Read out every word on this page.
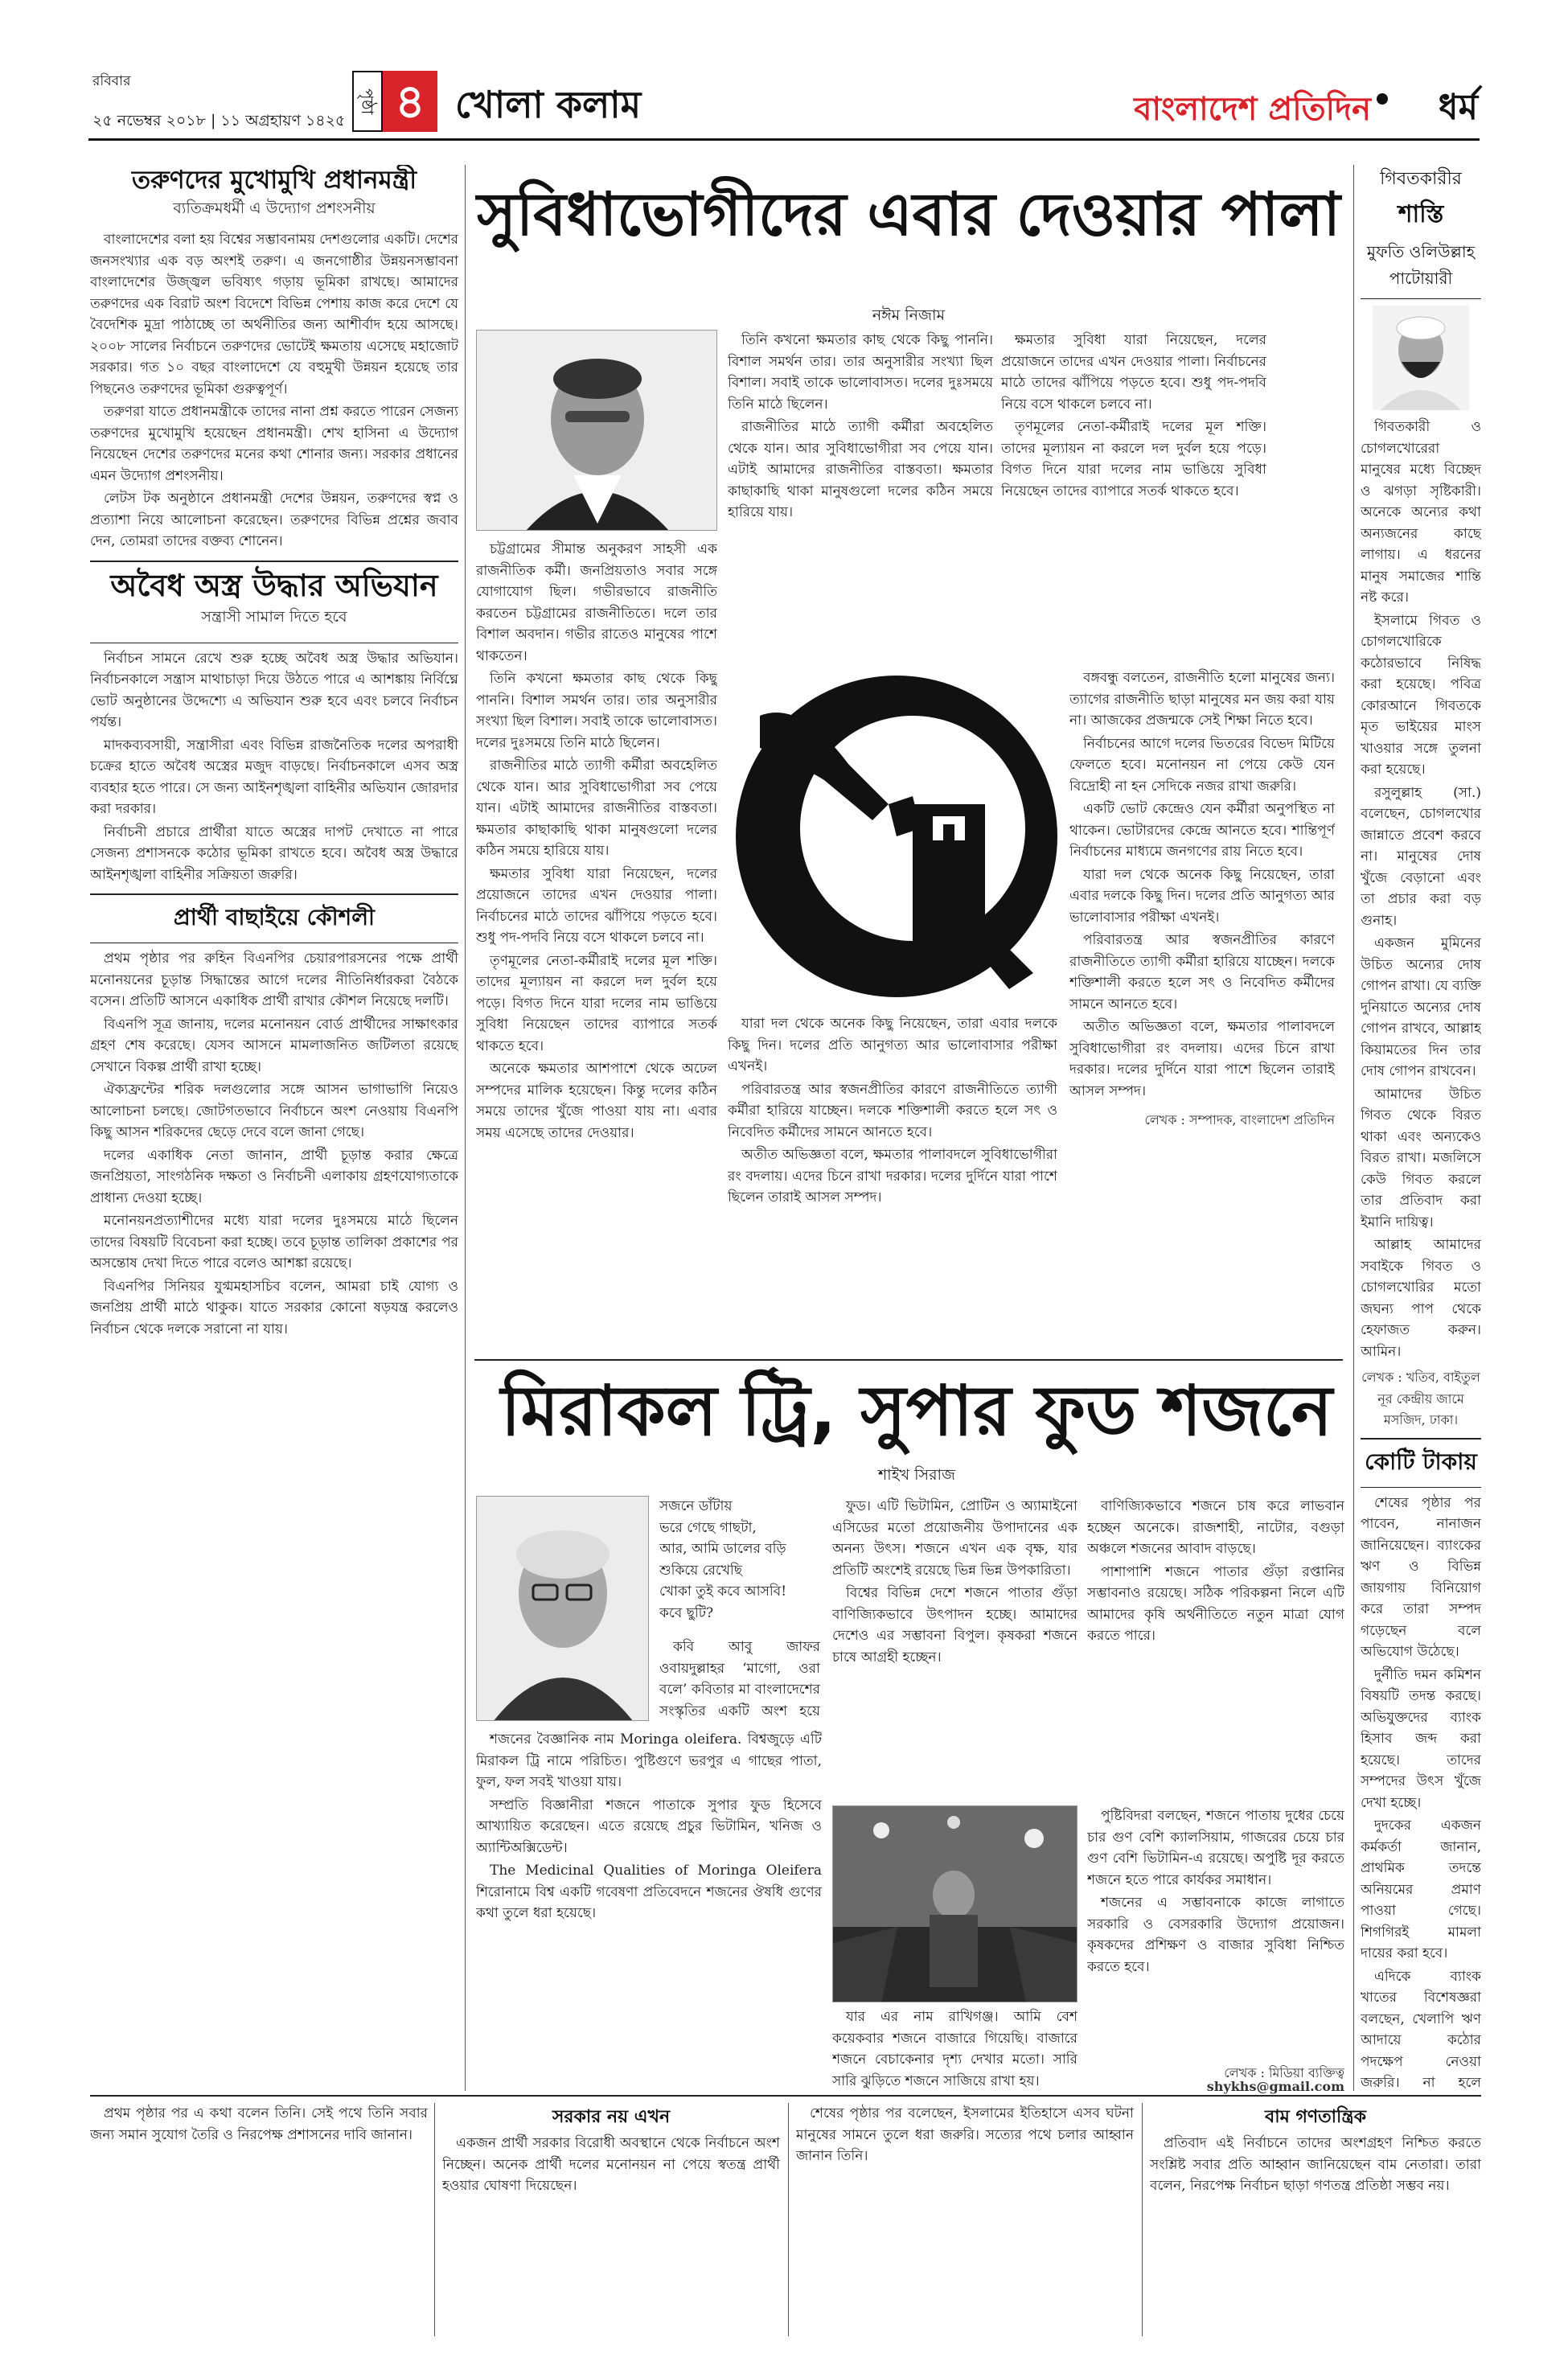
রবিবার
২৫ নভেম্বর ২০১৮ | ১১ অগ্রহায়ণ ১৪২৫
পৃষ্ঠা ৪ খোলা কলাম	বাংলাদেশ প্রতিদিন ধর্ম
তরুণদের মুখোমুখি প্রধানমন্ত্রী
ব্যতিক্রমধর্মী এ উদ্যোগ প্রশংসনীয়

বাংলাদেশের বলা হয় বিশ্বের সম্ভাবনাময় দেশগুলোর একটি। দেশের জনসংখ্যার এক বড় অংশই তরুণ। এ জনগোষ্ঠীর উন্নয়নসম্ভাবনা বাংলাদেশের উজ্জ্বল ভবিষ্যৎ গড়ায় ভূমিকা রাখছে। আমাদের তরুণদের এক বিরাট অংশ বিদেশে বিভিন্ন পেশায় কাজ করে দেশে যে বৈদেশিক মুদ্রা পাঠাচ্ছে তা অর্থনীতির জন্য আশীর্বাদ হয়ে আসছে। ২০০৮ সালের নির্বাচনে তরুণদের ভোটেই ক্ষমতায় এসেছে মহাজোট সরকার। গত ১০ বছর বাংলাদেশে যে বহুমুখী উন্নয়ন হয়েছে তার পিছনেও তরুণদের ভূমিকা গুরুত্বপূর্ণ।

তরুণরা যাতে প্রধানমন্ত্রীকে তাদের নানা প্রশ্ন করতে পারেন সেজন্য তরুণদের মুখোমুখি হয়েছেন প্রধানমন্ত্রী। শেখ হাসিনা এ উদ্যোগ নিয়েছেন দেশের তরুণদের মনের কথা শোনার জন্য। সরকার প্রধানের এমন উদ্যোগ প্রশংসনীয়।

লেটস টক অনুষ্ঠানে প্রধানমন্ত্রী দেশের উন্নয়ন, তরুণদের স্বপ্ন ও প্রত্যাশা নিয়ে আলোচনা করেছেন। তরুণদের বিভিন্ন প্রশ্নের জবাব দেন, তোমরা তাদের বক্তব্য শোনেন।

অবৈধ অস্ত্র উদ্ধার অভিযান
সন্ত্রাসী সামাল দিতে হবে

নির্বাচন সামনে রেখে শুরু হচ্ছে অবৈধ অস্ত্র উদ্ধার অভিযান। নির্বাচনকালে সন্ত্রাস মাথাচাড়া দিয়ে উঠতে পারে এ আশঙ্কায় নির্বিঘ্নে ভোট অনুষ্ঠানের উদ্দেশ্যে এ অভিযান শুরু হবে এবং চলবে নির্বাচন পর্যন্ত।

মাদকব্যবসায়ী, সন্ত্রাসীরা এবং বিভিন্ন রাজনৈতিক দলের অপরাধী চক্রের হাতে অবৈধ অস্ত্রের মজুদ বাড়ছে। নির্বাচনকালে এসব অস্ত্র ব্যবহার হতে পারে। সে জন্য আইনশৃঙ্খলা বাহিনীর অভিযান জোরদার করা দরকার।

নির্বাচনী প্রচারে প্রার্থীরা যাতে অস্ত্রের দাপট দেখাতে না পারে সেজন্য প্রশাসনকে কঠোর ভূমিকা রাখতে হবে। অবৈধ অস্ত্র উদ্ধারে আইনশৃঙ্খলা বাহিনীর সক্রিয়তা জরুরি।

প্রার্থী বাছাইয়ে কৌশলী

প্রথম পৃষ্ঠার পর রুহিন বিএনপির চেয়ারপারসনের পক্ষে প্রার্থী মনোনয়নের চূড়ান্ত সিদ্ধান্তের আগে দলের নীতিনির্ধারকরা বৈঠকে বসেন। প্রতিটি আসনে একাধিক প্রার্থী রাখার কৌশল নিয়েছে দলটি।

বিএনপি সূত্র জানায়, দলের মনোনয়ন বোর্ড প্রার্থীদের সাক্ষাৎকার গ্রহণ শেষ করেছে। যেসব আসনে মামলাজনিত জটিলতা রয়েছে সেখানে বিকল্প প্রার্থী রাখা হচ্ছে।

ঐক্যফ্রন্টের শরিক দলগুলোর সঙ্গে আসন ভাগাভাগি নিয়েও আলোচনা চলছে। জোটগতভাবে নির্বাচনে অংশ নেওয়ায় বিএনপি কিছু আসন শরিকদের ছেড়ে দেবে বলে জানা গেছে।

দলের একাধিক নেতা জানান, প্রার্থী চূড়ান্ত করার ক্ষেত্রে জনপ্রিয়তা, সাংগঠনিক দক্ষতা ও নির্বাচনী এলাকায় গ্রহণযোগ্যতাকে প্রাধান্য দেওয়া হচ্ছে।

মনোনয়নপ্রত্যাশীদের মধ্যে যারা দলের দুঃসময়ে মাঠে ছিলেন তাদের বিষয়টি বিবেচনা করা হচ্ছে। তবে চূড়ান্ত তালিকা প্রকাশের পর অসন্তোষ দেখা দিতে পারে বলেও আশঙ্কা রয়েছে।

বিএনপির সিনিয়র যুগ্মমহাসচিব বলেন, আমরা চাই যোগ্য ও জনপ্রিয় প্রার্থী মাঠে থাকুক। যাতে সরকার কোনো ষড়যন্ত্র করলেও নির্বাচন থেকে দলকে সরানো না যায়।

সুবিধাভোগীদের এবার দেওয়ার পালা
নঈম নিজাম

চট্টগ্রামের সীমান্ত অনুকরণ সাহসী এক রাজনীতিক কর্মী। জনপ্রিয়তাও সবার সঙ্গে যোগাযোগ ছিল। গভীরভাবে রাজনীতি করতেন চট্টগ্রামের রাজনীতিতে। দলে তার বিশাল অবদান। গভীর রাতেও মানুষের পাশে থাকতেন।

তিনি কখনো ক্ষমতার কাছ থেকে কিছু পাননি। বিশাল সমর্থন তার। তার অনুসারীর সংখ্যা ছিল বিশাল। সবাই তাকে ভালোবাসত। দলের দুঃসময়ে তিনি মাঠে ছিলেন।

রাজনীতির মাঠে ত্যাগী কর্মীরা অবহেলিত থেকে যান। আর সুবিধাভোগীরা সব পেয়ে যান। এটাই আমাদের রাজনীতির বাস্তবতা। ক্ষমতার কাছাকাছি থাকা মানুষগুলো দলের কঠিন সময়ে হারিয়ে যায়।

ক্ষমতার সুবিধা যারা নিয়েছেন, দলের প্রয়োজনে তাদের এখন দেওয়ার পালা। নির্বাচনের মাঠে তাদের ঝাঁপিয়ে পড়তে হবে। শুধু পদ-পদবি নিয়ে বসে থাকলে চলবে না।

তৃণমূলের নেতা-কর্মীরাই দলের মূল শক্তি। তাদের মূল্যায়ন না করলে দল দুর্বল হয়ে পড়ে। বিগত দিনে যারা দলের নাম ভাঙিয়ে সুবিধা নিয়েছেন তাদের ব্যাপারে সতর্ক থাকতে হবে।

অনেকে ক্ষমতার আশপাশে থেকে অঢেল সম্পদের মালিক হয়েছেন। কিন্তু দলের কঠিন সময়ে তাদের খুঁজে পাওয়া যায় না। এবার সময় এসেছে তাদের দেওয়ার।

তিনি কখনো ক্ষমতার কাছ থেকে কিছু পাননি। বিশাল সমর্থন তার। তার অনুসারীর সংখ্যা ছিল বিশাল। সবাই তাকে ভালোবাসত। দলের দুঃসময়ে তিনি মাঠে ছিলেন।

রাজনীতির মাঠে ত্যাগী কর্মীরা অবহেলিত থেকে যান। আর সুবিধাভোগীরা সব পেয়ে যান। এটাই আমাদের রাজনীতির বাস্তবতা। ক্ষমতার কাছাকাছি থাকা মানুষগুলো দলের কঠিন সময়ে হারিয়ে যায়।

ক্ষমতার সুবিধা যারা নিয়েছেন, দলের প্রয়োজনে তাদের এখন দেওয়ার পালা। নির্বাচনের মাঠে তাদের ঝাঁপিয়ে পড়তে হবে। শুধু পদ-পদবি নিয়ে বসে থাকলে চলবে না।

তৃণমূলের নেতা-কর্মীরাই দলের মূল শক্তি। তাদের মূল্যায়ন না করলে দল দুর্বল হয়ে পড়ে। বিগত দিনে যারা দলের নাম ভাঙিয়ে সুবিধা নিয়েছেন তাদের ব্যাপারে সতর্ক থাকতে হবে।

বঙ্গবন্ধু বলতেন, রাজনীতি হলো মানুষের জন্য। ত্যাগের রাজনীতি ছাড়া মানুষের মন জয় করা যায় না। আজকের প্রজন্মকে সেই শিক্ষা নিতে হবে।

নির্বাচনের আগে দলের ভিতরের বিভেদ মিটিয়ে ফেলতে হবে। মনোনয়ন না পেয়ে কেউ যেন বিদ্রোহী না হন সেদিকে নজর রাখা জরুরি।

একটি ভোট কেন্দ্রেও যেন কর্মীরা অনুপস্থিত না থাকেন। ভোটারদের কেন্দ্রে আনতে হবে। শান্তিপূর্ণ নির্বাচনের মাধ্যমে জনগণের রায় নিতে হবে।

যারা দল থেকে অনেক কিছু নিয়েছেন, তারা এবার দলকে কিছু দিন। দলের প্রতি আনুগত্য আর ভালোবাসার পরীক্ষা এখনই।

পরিবারতন্ত্র আর স্বজনপ্রীতির কারণে রাজনীতিতে ত্যাগী কর্মীরা হারিয়ে যাচ্ছেন। দলকে শক্তিশালী করতে হলে সৎ ও নিবেদিত কর্মীদের সামনে আনতে হবে।

অতীত অভিজ্ঞতা বলে, ক্ষমতার পালাবদলে সুবিধাভোগীরা রং বদলায়। এদের চিনে রাখা দরকার। দলের দুর্দিনে যারা পাশে ছিলেন তারাই আসল সম্পদ।

লেখক : সম্পাদক, বাংলাদেশ প্রতিদিন

যারা দল থেকে অনেক কিছু নিয়েছেন, তারা এবার দলকে কিছু দিন। দলের প্রতি আনুগত্য আর ভালোবাসার পরীক্ষা এখনই।

পরিবারতন্ত্র আর স্বজনপ্রীতির কারণে রাজনীতিতে ত্যাগী কর্মীরা হারিয়ে যাচ্ছেন। দলকে শক্তিশালী করতে হলে সৎ ও নিবেদিত কর্মীদের সামনে আনতে হবে।

অতীত অভিজ্ঞতা বলে, ক্ষমতার পালাবদলে সুবিধাভোগীরা রং বদলায়। এদের চিনে রাখা দরকার। দলের দুর্দিনে যারা পাশে ছিলেন তারাই আসল সম্পদ।

মিরাকল ট্রি, সুপার ফুড শজনে
শাইখ সিরাজ
সজনে ডাঁটায়
ভরে গেছে গাছটা,
আর, আমি ডালের বড়ি
শুকিয়ে রেখেছি
খোকা তুই কবে আসবি!
কবে ছুটি?

কবি আবু জাফর ওবায়দুল্লাহর ‘মাগো, ওরা বলে’ কবিতার মা বাংলাদেশের সংস্কৃতির একটি অংশ হয়ে

শজনের বৈজ্ঞানিক নাম Moringa oleifera. বিশ্বজুড়ে এটি মিরাকল ট্রি নামে পরিচিত। পুষ্টিগুণে ভরপুর এ গাছের পাতা, ফুল, ফল সবই খাওয়া যায়।

সম্প্রতি বিজ্ঞানীরা শজনে পাতাকে সুপার ফুড হিসেবে আখ্যায়িত করেছেন। এতে রয়েছে প্রচুর ভিটামিন, খনিজ ও অ্যান্টিঅক্সিডেন্ট।

The Medicinal Qualities of Moringa Oleifera শিরোনামে বিশ্ব একটি গবেষণা প্রতিবেদনে শজনের ঔষধি গুণের কথা তুলে ধরা হয়েছে।

ফুড। এটি ভিটামিন, প্রোটিন ও অ্যামাইনো এসিডের মতো প্রয়োজনীয় উপাদানের এক অনন্য উৎস। শজনে এখন এক বৃক্ষ, যার প্রতিটি অংশেই রয়েছে ভিন্ন ভিন্ন উপকারিতা।

বিশ্বের বিভিন্ন দেশে শজনে পাতার গুঁড়া বাণিজ্যিকভাবে উৎপাদন হচ্ছে। আমাদের দেশেও এর সম্ভাবনা বিপুল। কৃষকরা শজনে চাষে আগ্রহী হচ্ছেন।

বাণিজ্যিকভাবে শজনে চাষ করে লাভবান হচ্ছেন অনেকে। রাজশাহী, নাটোর, বগুড়া অঞ্চলে শজনের আবাদ বাড়ছে।

পাশাপাশি শজনে পাতার গুঁড়া রপ্তানির সম্ভাবনাও রয়েছে। সঠিক পরিকল্পনা নিলে এটি আমাদের কৃষি অর্থনীতিতে নতুন মাত্রা যোগ করতে পারে।

যার এর নাম রাখিগঞ্জ। আমি বেশ কয়েকবার শজনে বাজারে গিয়েছি। বাজারে শজনে বেচাকেনার দৃশ্য দেখার মতো। সারি সারি ঝুড়িতে শজনে সাজিয়ে রাখা হয়।

পুষ্টিবিদরা বলছেন, শজনে পাতায় দুধের চেয়ে চার গুণ বেশি ক্যালসিয়াম, গাজরের চেয়ে চার গুণ বেশি ভিটামিন-এ রয়েছে। অপুষ্টি দূর করতে শজনে হতে পারে কার্যকর সমাধান।

শজনের এ সম্ভাবনাকে কাজে লাগাতে সরকারি ও বেসরকারি উদ্যোগ প্রয়োজন। কৃষকদের প্রশিক্ষণ ও বাজার সুবিধা নিশ্চিত করতে হবে।

লেখক : মিডিয়া ব্যক্তিত্ব
shykhs@gmail.com
গিবতকারীর
শাস্তি
মুফতি ওলিউল্লাহ পাটোয়ারী

গিবতকারী ও চোগলখোরেরা মানুষের মধ্যে বিচ্ছেদ ও ঝগড়া সৃষ্টিকারী। অনেকে অন্যের কথা অন্যজনের কাছে লাগায়। এ ধরনের মানুষ সমাজের শান্তি নষ্ট করে।

ইসলামে গিবত ও চোগলখোরিকে কঠোরভাবে নিষিদ্ধ করা হয়েছে। পবিত্র কোরআনে গিবতকে মৃত ভাইয়ের মাংস খাওয়ার সঙ্গে তুলনা করা হয়েছে।

রসুলুল্লাহ (সা.) বলেছেন, চোগলখোর জান্নাতে প্রবেশ করবে না। মানুষের দোষ খুঁজে বেড়ানো এবং তা প্রচার করা বড় গুনাহ।

একজন মুমিনের উচিত অন্যের দোষ গোপন রাখা। যে ব্যক্তি দুনিয়াতে অন্যের দোষ গোপন রাখবে, আল্লাহ কিয়ামতের দিন তার দোষ গোপন রাখবেন।

আমাদের উচিত গিবত থেকে বিরত থাকা এবং অন্যকেও বিরত রাখা। মজলিসে কেউ গিবত করলে তার প্রতিবাদ করা ইমানি দায়িত্ব।

আল্লাহ আমাদের সবাইকে গিবত ও চোগলখোরির মতো জঘন্য পাপ থেকে হেফাজত করুন। আমিন।

লেখক : খতিব, বাইতুল নূর কেন্দ্রীয় জামে মসজিদ, ঢাকা।
কোটি টাকায়

শেষের পৃষ্ঠার পর পাবেন, নানাজন জানিয়েছেন। ব্যাংকের ঋণ ও বিভিন্ন জায়গায় বিনিয়োগ করে তারা সম্পদ গড়েছেন বলে অভিযোগ উঠেছে।

দুর্নীতি দমন কমিশন বিষয়টি তদন্ত করছে। অভিযুক্তদের ব্যাংক হিসাব জব্দ করা হয়েছে। তাদের সম্পদের উৎস খুঁজে দেখা হচ্ছে।

দুদকের একজন কর্মকর্তা জানান, প্রাথমিক তদন্তে অনিয়মের প্রমাণ পাওয়া গেছে। শিগগিরই মামলা দায়ের করা হবে।

এদিকে ব্যাংক খাতের বিশেষজ্ঞরা বলছেন, খেলাপি ঋণ আদায়ে কঠোর পদক্ষেপ নেওয়া জরুরি। না হলে

প্রথম পৃষ্ঠার পর এ কথা বলেন তিনি। সেই পথে তিনি সবার জন্য সমান সুযোগ তৈরি ও নিরপেক্ষ প্রশাসনের দাবি জানান।

সরকার নয় এখন

একজন প্রার্থী সরকার বিরোধী অবস্থানে থেকে নির্বাচনে অংশ নিচ্ছেন। অনেক প্রার্থী দলের মনোনয়ন না পেয়ে স্বতন্ত্র প্রার্থী হওয়ার ঘোষণা দিয়েছেন।

শেষের পৃষ্ঠার পর বলেছেন, ইসলামের ইতিহাসে এসব ঘটনা মানুষের সামনে তুলে ধরা জরুরি। সত্যের পথে চলার আহ্বান জানান তিনি।

বাম গণতান্ত্রিক

প্রতিবাদ এই নির্বাচনে তাদের অংশগ্রহণ নিশ্চিত করতে সংশ্লিষ্ট সবার প্রতি আহ্বান জানিয়েছেন বাম নেতারা। তারা বলেন, নিরপেক্ষ নির্বাচন ছাড়া গণতন্ত্র প্রতিষ্ঠা সম্ভব নয়।
